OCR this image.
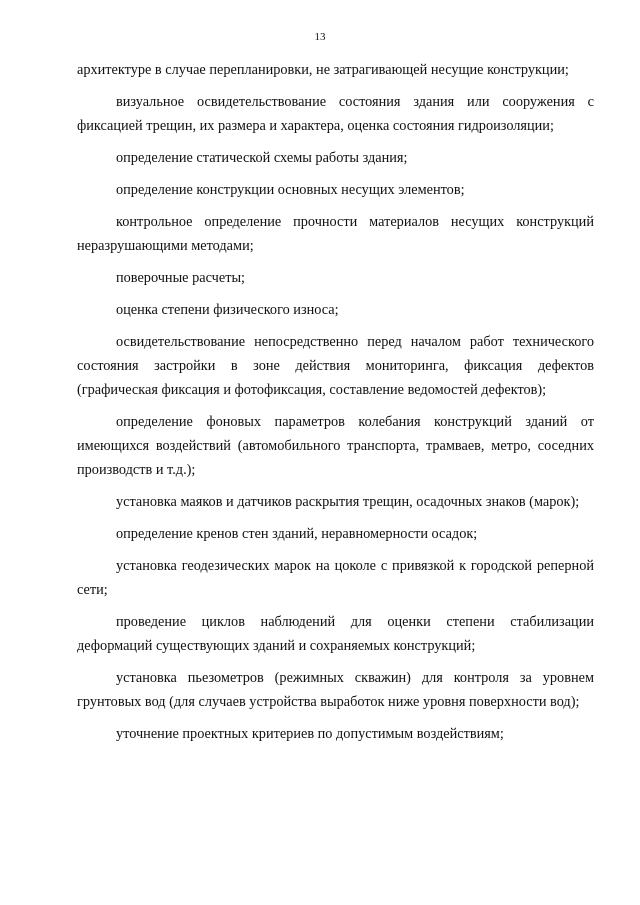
13

архитектуре в случае перепланировки, не затрагивающей несущие конструкции;

визуальное освидетельствование состояния здания или сооружения с фиксацией трещин, их размера и характера, оценка состояния гидроизоляции;

определение статической схемы работы здания;

определение конструкции основных несущих элементов;

контрольное определение прочности материалов несущих конструкций неразрушающими методами;

поверочные расчеты;

оценка степени физического износа;

освидетельствование непосредственно перед началом работ технического состояния застройки в зоне действия мониторинга, фиксация дефектов (графическая фиксация и фотофиксация, составление ведомостей дефектов);

определение фоновых параметров колебания конструкций зданий от имеющихся воздействий (автомобильного транспорта, трамваев, метро, соседних производств и т.д.);

установка маяков и датчиков раскрытия трещин, осадочных знаков (марок);

определение кренов стен зданий, неравномерности осадок;

установка геодезических марок на цоколе с привязкой к городской реперной сети;

проведение циклов наблюдений для оценки степени стабилизации деформаций существующих зданий и сохраняемых конструкций;

установка пьезометров (режимных скважин) для контроля за уровнем грунтовых вод (для случаев устройства выработок ниже уровня поверхности вод);

уточнение проектных критериев по допустимым воздействиям;
